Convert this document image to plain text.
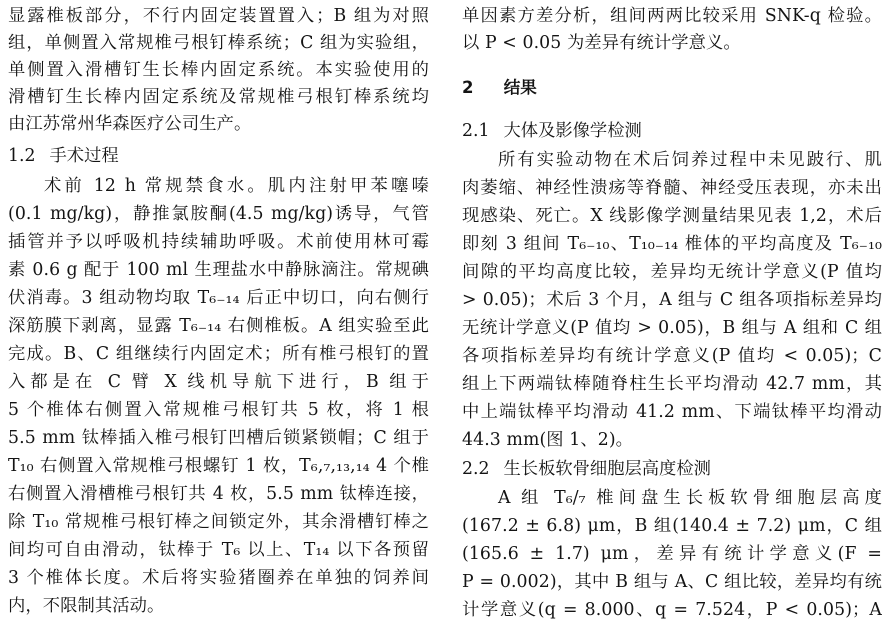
显露椎板部分，不行内固定装置置入；B 组为对照
组，单侧置入常规椎弓根钉棒系统；C 组为实验组，
单侧置入滑槽钉生长棒内固定系统。本实验使用的
滑槽钉生长棒内固定系统及常规椎弓根钉棒系统均
由江苏常州华森医疗公司生产。
1.2 手术过程
术前 12 h 常规禁食水。肌内注射甲苯噻嗪
(0.1 mg/kg)，静推氯胺酮(4.5 mg/kg)诱导，气管
插管并予以呼吸机持续辅助呼吸。术前使用林可霉
素 0.6 g 配于 100 ml 生理盐水中静脉滴注。常规碘
伏消毒。3 组动物均取 T₆₋₁₄ 后正中切口，向右侧行
深筋膜下剥离，显露 T₆₋₁₄ 右侧椎板。A 组实验至此
完成。B、C 组继续行内固定术；所有椎弓根钉的置
入都是在 C 臂 X 线机导航下进行，B 组于
5 个椎体右侧置入常规椎弓根钉共 5 枚，将 1 根
5.5 mm 钛棒插入椎弓根钉凹槽后锁紧锁帽；C 组于
T₁₀ 右侧置入常规椎弓根螺钉 1 枚，T₆,₇,₁₃,₁₄ 4 个椎
右侧置入滑槽椎弓根钉共 4 枚，5.5 mm 钛棒连接，
除 T₁₀ 常规椎弓根钉棒之间锁定外，其余滑槽钉棒之
间均可自由滑动，钛棒于 T₆ 以上、T₁₄ 以下各预留
3 个椎体长度。术后将实验猪圈养在单独的饲养间
内，不限制其活动。
单因素方差分析，组间两两比较采用 SNK-q 检验。
以 P < 0.05 为差异有统计学意义。
2 结果
2.1 大体及影像学检测
所有实验动物在术后饲养过程中未见跛行、肌
肉萎缩、神经性溃疡等脊髓、神经受压表现，亦未出
现感染、死亡。X 线影像学测量结果见表 1,2，术后
即刻 3 组间 T₆₋₁₀、T₁₀₋₁₄ 椎体的平均高度及 T₆₋₁₀
间隙的平均高度比较，差异均无统计学意义(P 值均
> 0.05)；术后 3 个月，A 组与 C 组各项指标差异均
无统计学意义(P 值均 > 0.05)，B 组与 A 组和 C 组
各项指标差异均有统计学意义(P 值均 < 0.05)；C
组上下两端钛棒随脊柱生长平均滑动 42.7 mm，其
中上端钛棒平均滑动 41.2 mm、下端钛棒平均滑动
44.3 mm(图 1、2)。
2.2 生长板软骨细胞层高度检测
A 组 T₆/₇ 椎间盘生长板软骨细胞层高度
(167.2 ± 6.8) μm，B 组(140.4 ± 7.2) μm，C 组
(165.6 ± 1.7) μm，差异有统计学意义(F =
P = 0.002)，其中 B 组与 A、C 组比较，差异均有统
计学意义(q = 8.000、q = 7.524，P < 0.05)；A
